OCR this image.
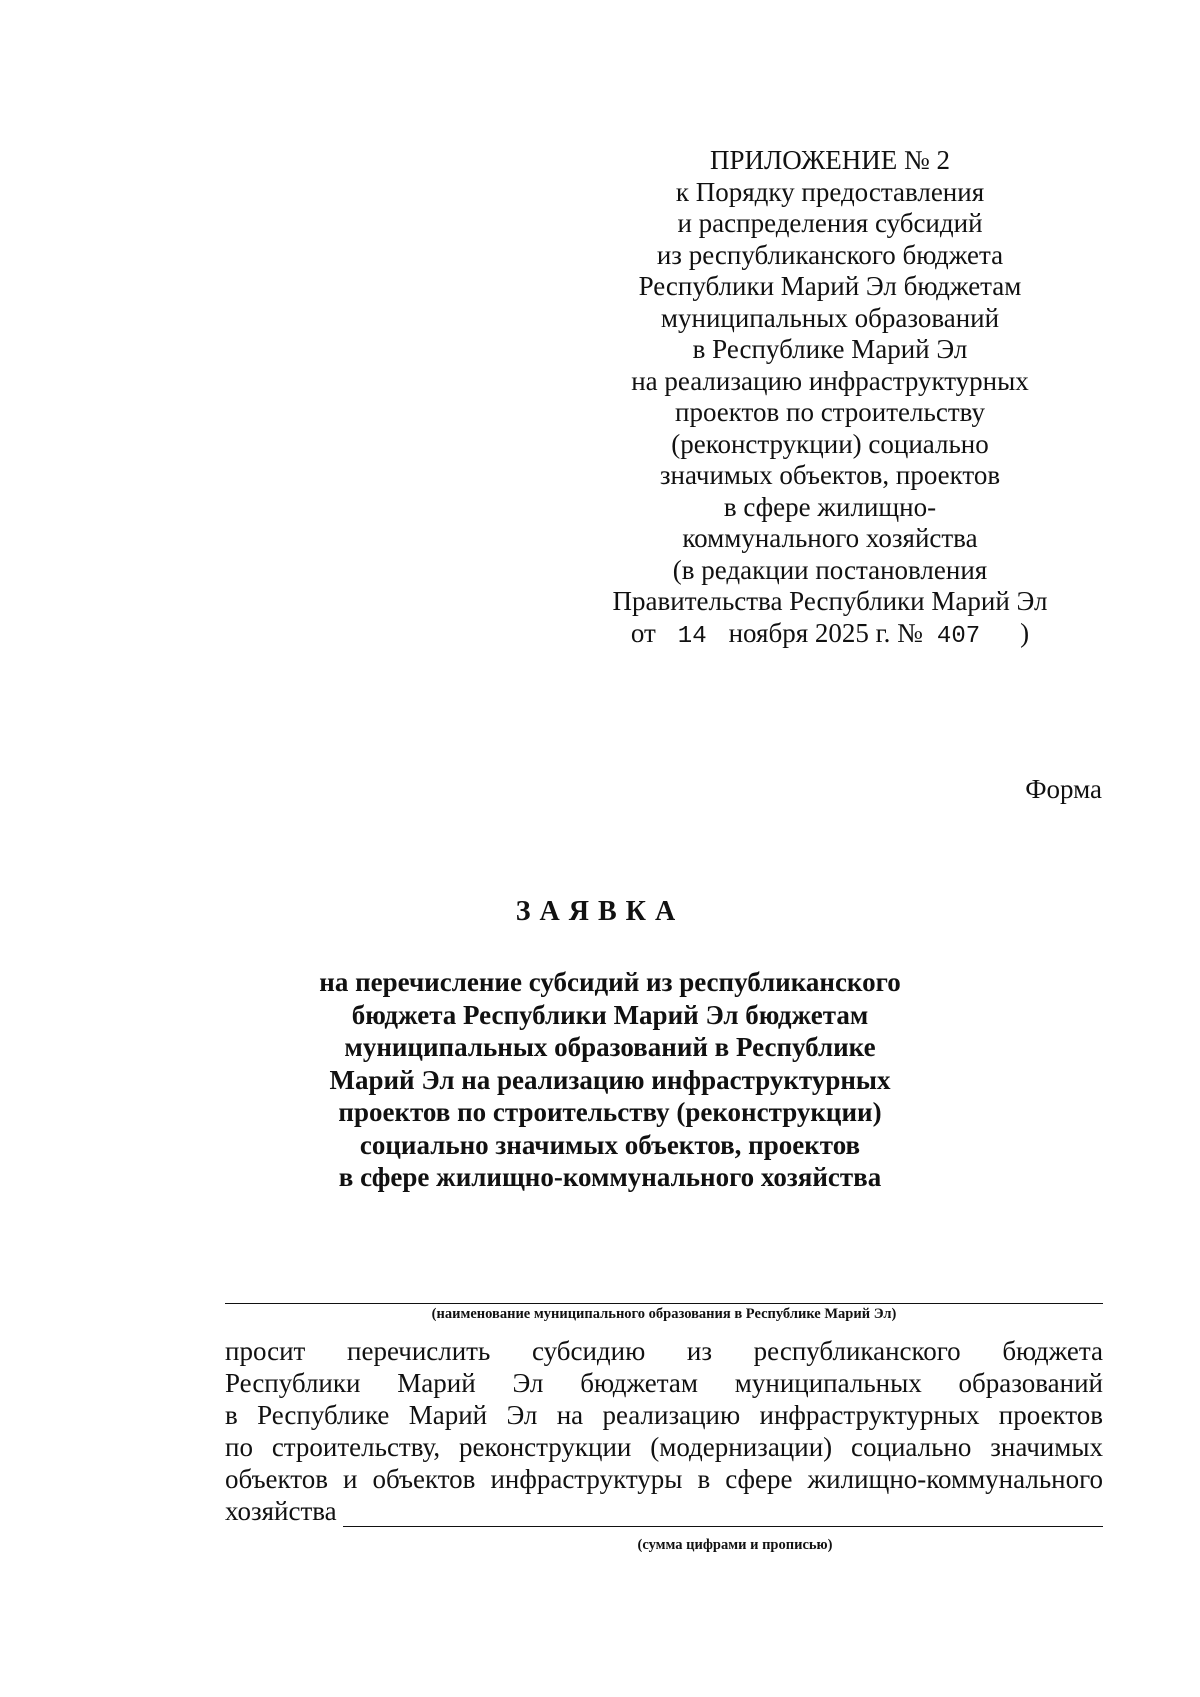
ПРИЛОЖЕНИЕ № 2
к Порядку предоставления
и распределения субсидий
из республиканского бюджета
Республики Марий Эл бюджетам
муниципальных образований
в Республике Марий Эл
на реализацию инфраструктурных
проектов по строительству
(реконструкции) социально
значимых объектов, проектов
в сфере жилищно-
коммунального хозяйства
(в редакции постановления
Правительства Республики Марий Эл
от 14 ноября 2025 г. № 407 )
Форма
ЗАЯВКА
на перечисление субсидий из республиканского
бюджета Республики Марий Эл бюджетам
муниципальных образований в Республике
Марий Эл на реализацию инфраструктурных
проектов по строительству (реконструкции)
социально значимых объектов, проектов
в сфере жилищно-коммунального хозяйства
(наименование муниципального образования в Республике Марий Эл)
просит перечислить субсидию из республиканского бюджета
Республики Марий Эл бюджетам муниципальных образований
в Республике Марий Эл на реализацию инфраструктурных проектов
по строительству, реконструкции (модернизации) социально значимых
объектов и объектов инфраструктуры в сфере жилищно-коммунального
хозяйства
(сумма цифрами и прописью)
